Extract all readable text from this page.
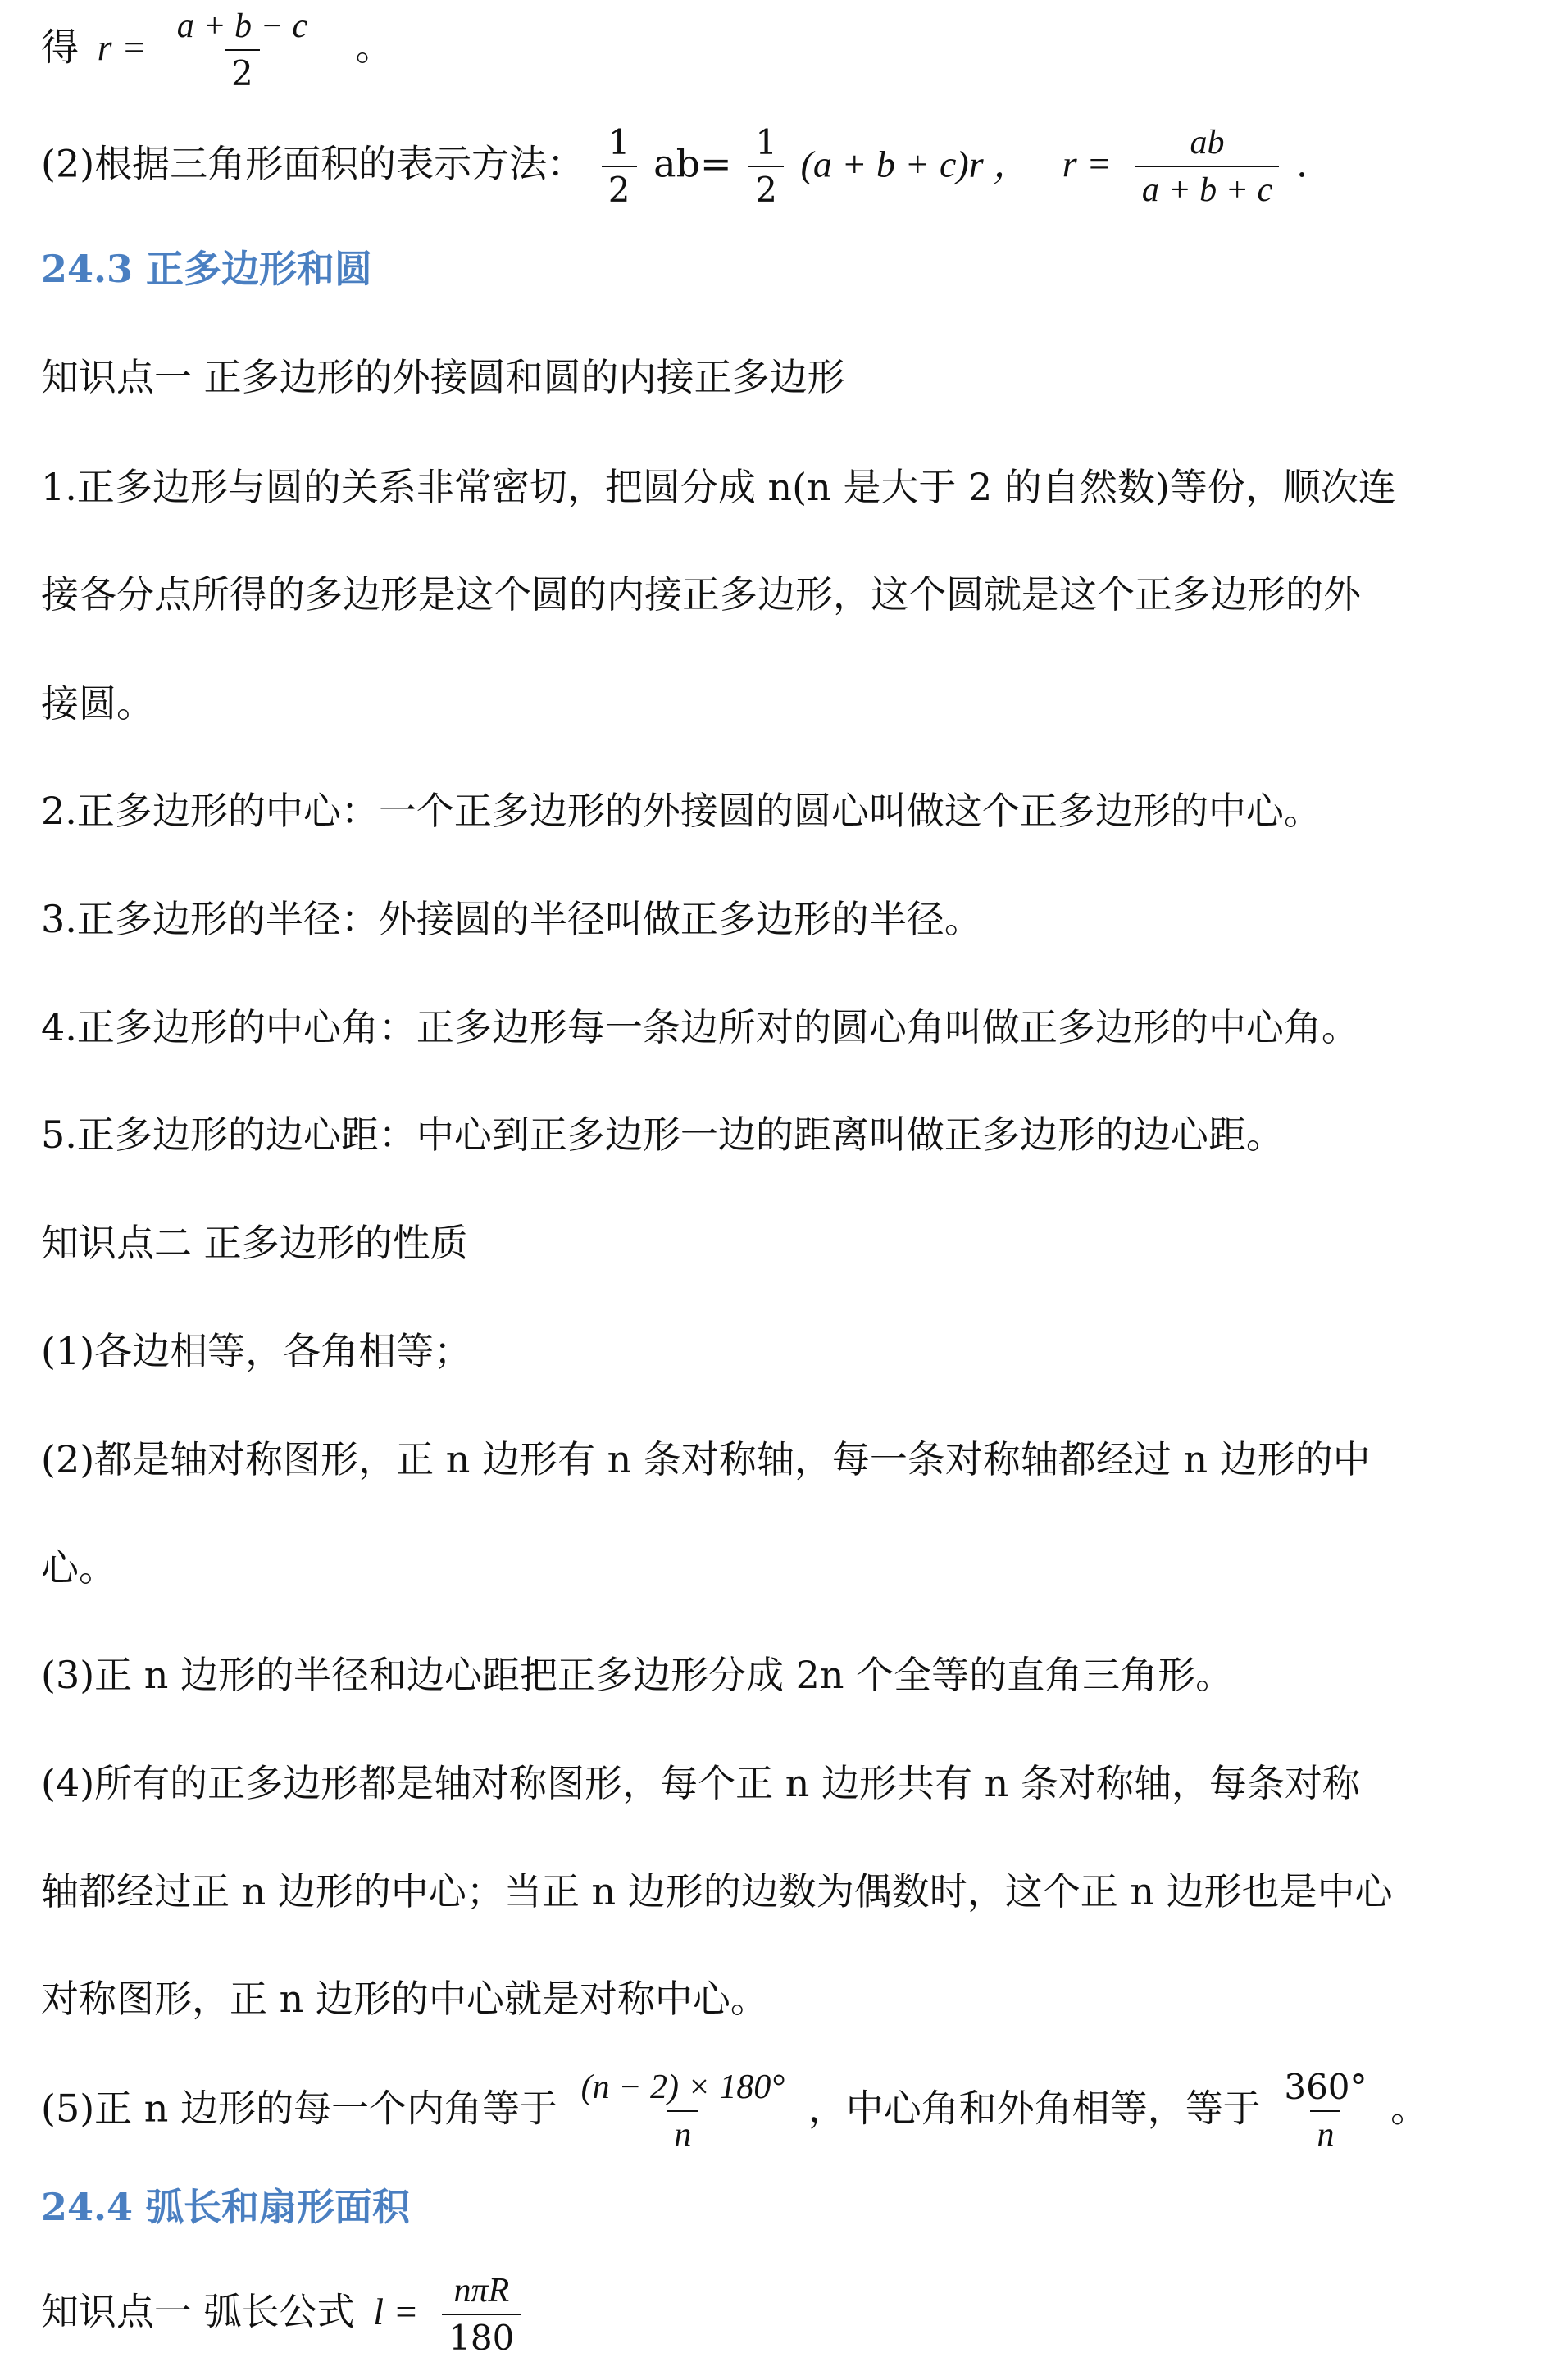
得 $r = \frac{a + b - c}{2}$ 。
(2)根据三角形面积的表示方法： $\frac{1}{2} ab= \frac{1}{2} (a + b + c)r$ ， $r = \frac{ab}{a + b + c}$ .
24.3 正多边形和圆
知识点一 正多边形的外接圆和圆的内接正多边形
1.正多边形与圆的关系非常密切，把圆分成 n(n 是大于 2 的自然数)等份，顺次连
接各分点所得的多边形是这个圆的内接正多边形，这个圆就是这个正多边形的外
接圆。
2.正多边形的中心：一个正多边形的外接圆的圆心叫做这个正多边形的中心。
3.正多边形的半径：外接圆的半径叫做正多边形的半径。
4.正多边形的中心角：正多边形每一条边所对的圆心角叫做正多边形的中心角。
5.正多边形的边心距：中心到正多边形一边的距离叫做正多边形的边心距。
知识点二 正多边形的性质
(1)各边相等，各角相等；
(2)都是轴对称图形，正 n 边形有 n 条对称轴，每一条对称轴都经过 n 边形的中
心。
(3)正 n 边形的半径和边心距把正多边形分成 2n 个全等的直角三角形。
(4)所有的正多边形都是轴对称图形，每个正 n 边形共有 n 条对称轴，每条对称
轴都经过正 n 边形的中心；当正 n 边形的边数为偶数时，这个正 n 边形也是中心
对称图形，正 n 边形的中心就是对称中心。
(5)正 n 边形的每一个内角等于 $\frac{(n - 2) \times 180^\circ}{n}$ ，中心角和外角相等，等于 $\frac{360^\circ}{n}$ 。
24.4 弧长和扇形面积
知识点一 弧长公式 $l = \frac{\text{nπR}}{180}$
